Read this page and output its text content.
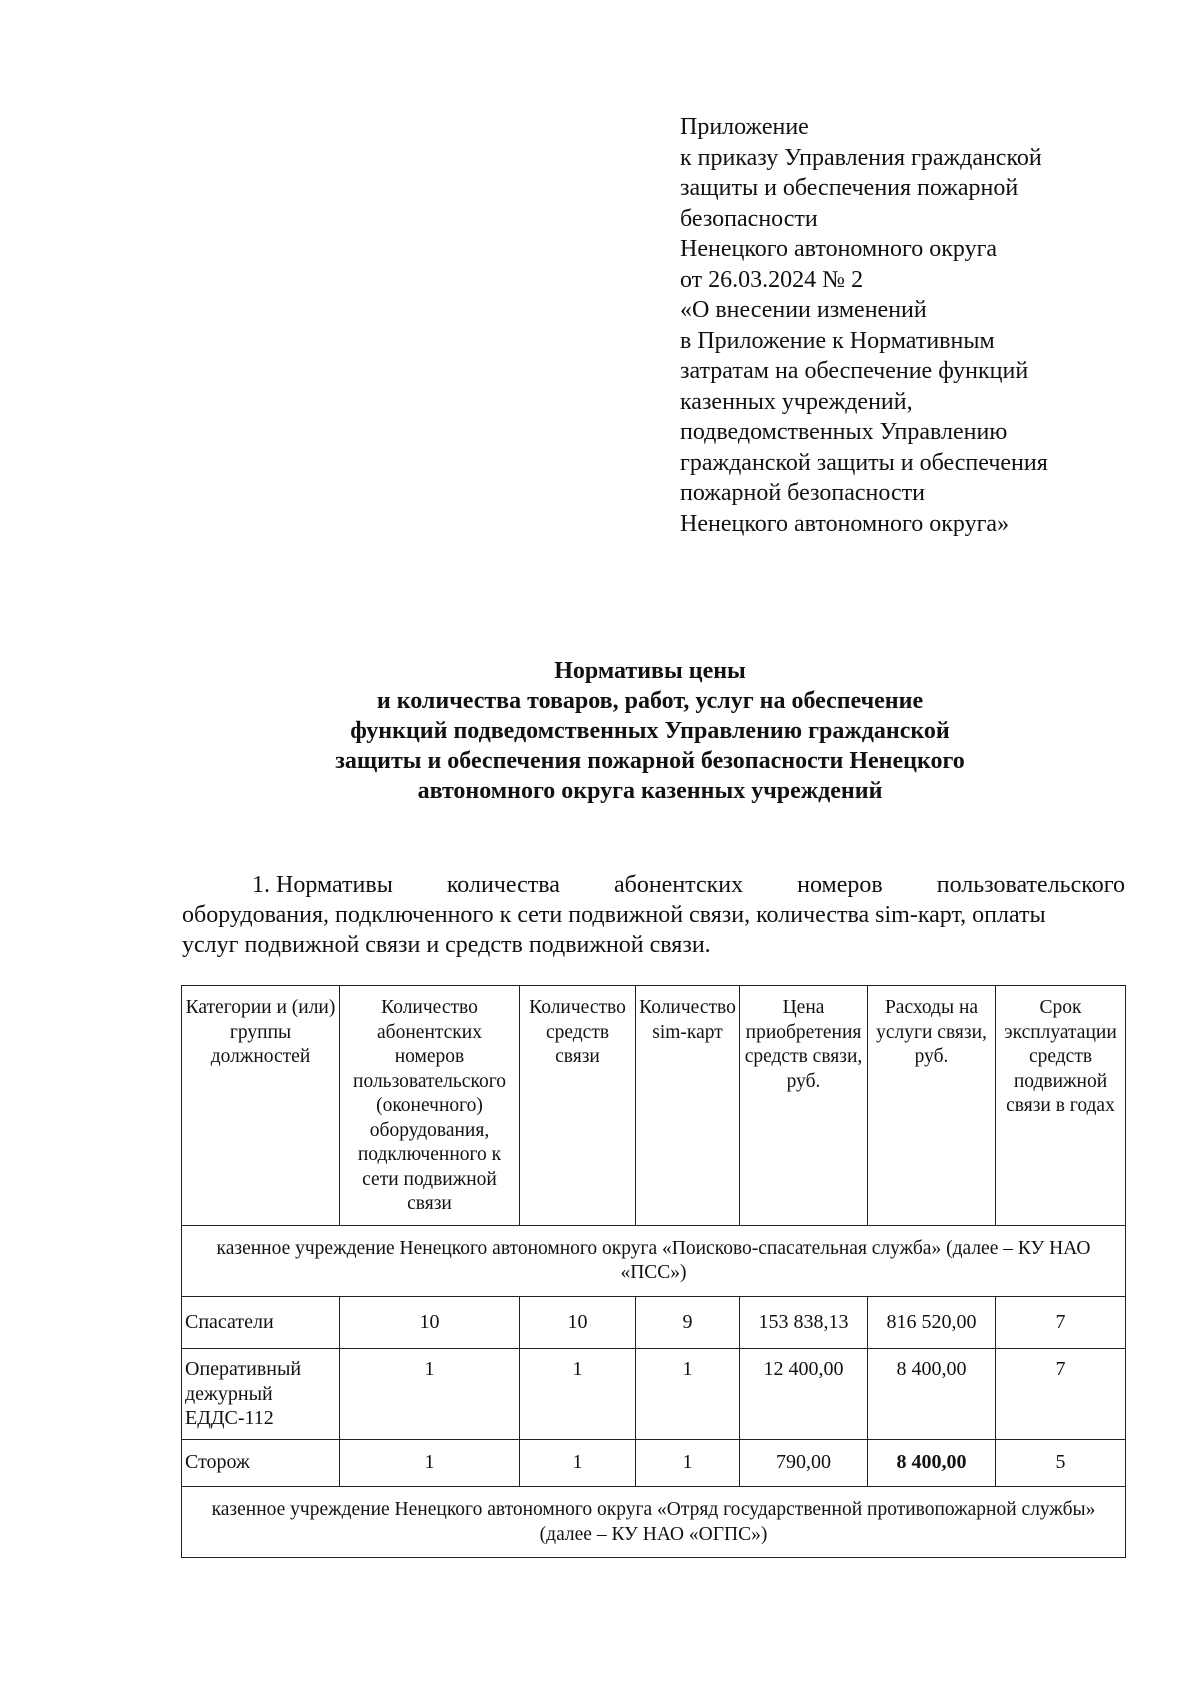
Приложение
к приказу Управления гражданской
защиты и обеспечения пожарной
безопасности
Ненецкого автономного округа
от 26.03.2024 № 2
«О внесении изменений
в Приложение к Нормативным
затратам на обеспечение функций
казенных учреждений,
подведомственных Управлению
гражданской защиты и обеспечения
пожарной безопасности
Ненецкого автономного округа»
Нормативы цены
и количества товаров, работ, услуг на обеспечение
функций подведомственных Управлению гражданской
защиты и обеспечения пожарной безопасности Ненецкого
автономного округа казенных учреждений
1. Нормативы количества абонентских номеров пользовательского
оборудования, подключенного к сети подвижной связи, количества sim-карт, оплаты
услуг подвижной связи и средств подвижной связи.
Категории и (или) группы должностей	Количество абонентских номеров пользовательского (оконечного) оборудования, подключенного к сети подвижной связи	Количество средств связи	Количество sim-карт	Цена приобретения средств связи, руб.	Расходы на услуги связи, руб.	Срок эксплуатации средств подвижной связи в годах
казенное учреждение Ненецкого автономного округа «Поисково-спасательная служба» (далее – КУ НАО «ПСС»)						
Спасатели	10	10	9	153 838,13	816 520,00	7
Оперативный дежурный ЕДДС-112	1	1	1	12 400,00	8 400,00	7
Сторож	1	1	1	790,00	8 400,00	5
казенное учреждение Ненецкого автономного округа «Отряд государственной противопожарной службы» (далее – КУ НАО «ОГПС»)						
